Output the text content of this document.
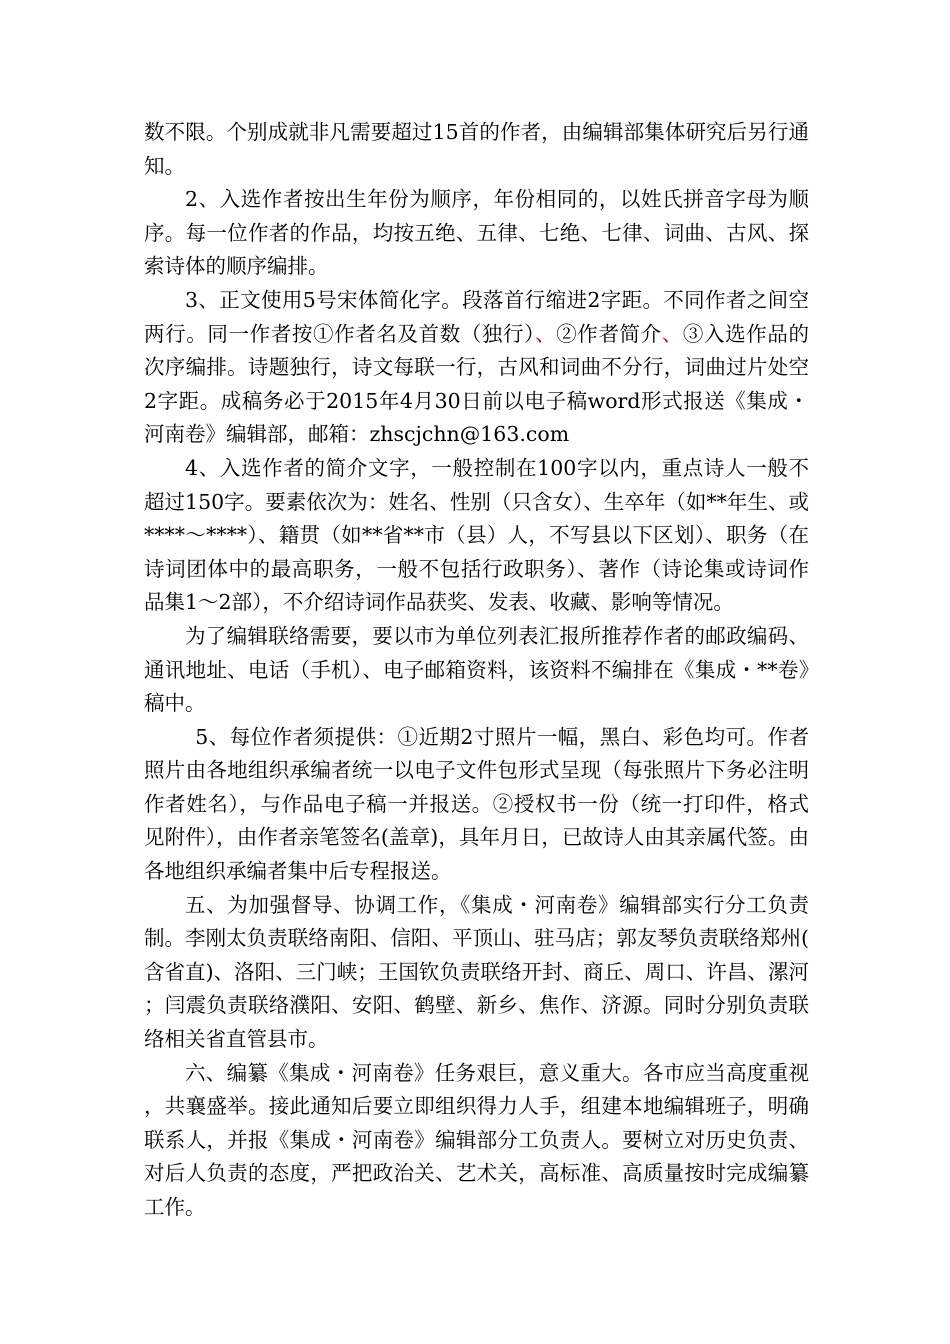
数不限。个别成就非凡需要超过15首的作者，由编辑部集体研究后另行通知。

2、入选作者按出生年份为顺序，年份相同的，以姓氏拼音字母为顺序。每一位作者的作品，均按五绝、五律、七绝、七律、词曲、古风、探索诗体的顺序编排。

3、正文使用5号宋体简化字。段落首行缩进2字距。不同作者之间空两行。同一作者按①作者名及首数（独行）、②作者简介、③入选作品的次序编排。诗题独行，诗文每联一行，古风和词曲不分行，词曲过片处空2字距。成稿务必于2015年4月30日前以电子稿word形式报送《集成・河南卷》编辑部，邮箱：zhscjchn@163.com

4、入选作者的简介文字，一般控制在100字以内，重点诗人一般不超过150字。要素依次为：姓名、性别（只含女）、生卒年（如**年生、或****～****）、籍贯（如**省**市（县）人，不写县以下区划）、职务（在诗词团体中的最高职务，一般不包括行政职务）、著作（诗论集或诗词作品集1～2部），不介绍诗词作品获奖、发表、收藏、影响等情况。

为了编辑联络需要，要以市为单位列表汇报所推荐作者的邮政编码、通讯地址、电话（手机）、电子邮箱资料，该资料不编排在《集成・**卷》稿中。

5、每位作者须提供：①近期2寸照片一幅，黑白、彩色均可。作者照片由各地组织承编者统一以电子文件包形式呈现（每张照片下务必注明作者姓名），与作品电子稿一并报送。②授权书一份（统一打印件，格式见附件），由作者亲笔签名(盖章)，具年月日，已故诗人由其亲属代签。由各地组织承编者集中后专程报送。

五、为加强督导、协调工作，《集成・河南卷》编辑部实行分工负责制。李刚太负责联络南阳、信阳、平顶山、驻马店；郭友琴负责联络郑州(含省直)、洛阳、三门峡；王国钦负责联络开封、商丘、周口、许昌、漯河；闫震负责联络濮阳、安阳、鹤壁、新乡、焦作、济源。同时分别负责联络相关省直管县市。

六、编纂《集成・河南卷》任务艰巨，意义重大。各市应当高度重视，共襄盛举。接此通知后要立即组织得力人手，组建本地编辑班子，明确联系人，并报《集成・河南卷》编辑部分工负责人。要树立对历史负责、对后人负责的态度，严把政治关、艺术关，高标准、高质量按时完成编纂工作。
